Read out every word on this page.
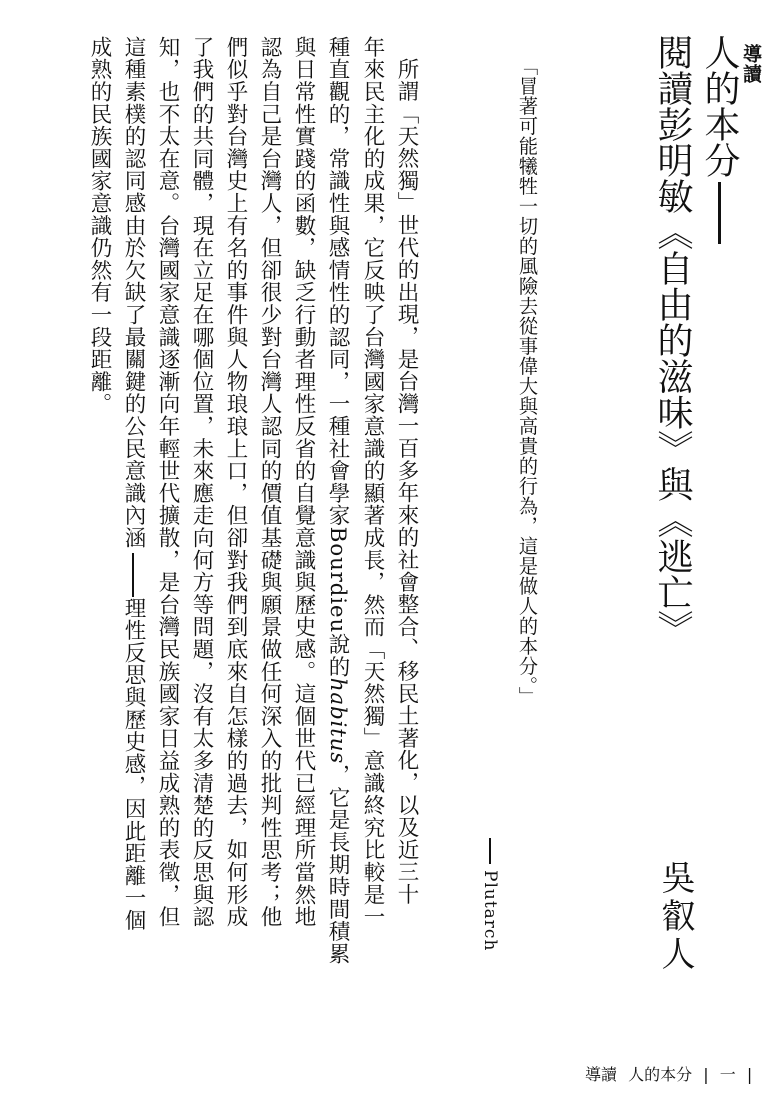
導讀
人的本分
閱讀彭明敏《自由的滋味》與《逃亡》
吳叡人
「冒著可能犧牲一切的風險去從事偉大與高貴的行為，這是做人的本分。」
Plutarch
所謂「天然獨」世代的出現，是台灣一百多年來的社會整合、移民土著化，以及近三十
年來民主化的成果，它反映了台灣國家意識的顯著成長，然而「天然獨」意識終究比較是一
種直觀的，常識性與感情性的認同，一種社會學家Bourdieu說的habitus，它是長期時間積累
與日常性實踐的函數，缺乏行動者理性反省的自覺意識與歷史感。這個世代已經理所當然地
認為自己是台灣人，但卻很少對台灣人認同的價值基礎與願景做任何深入的批判性思考；他
們似乎對台灣史上有名的事件與人物琅琅上口，但卻對我們到底來自怎樣的過去，如何形成
了我們的共同體，現在立足在哪個位置，未來應走向何方等問題，沒有太多清楚的反思與認
知，也不太在意。台灣國家意識逐漸向年輕世代擴散，是台灣民族國家日益成熟的表徵，但
這種素樸的認同感由於欠缺了最關鍵的公民意識內涵理性反思與歷史感，因此距離一個
成熟的民族國家意識仍然有一段距離。
導讀 人的本分 | 一 |
